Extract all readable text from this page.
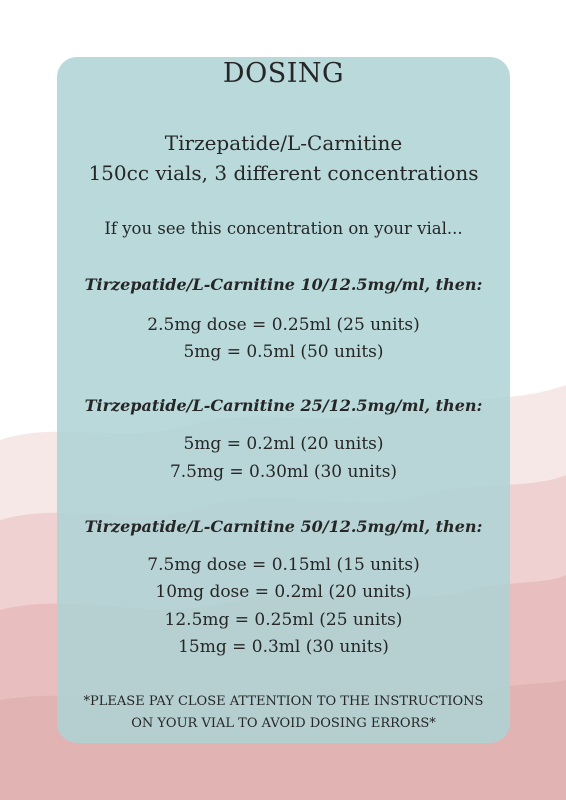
DOSING

Tirzepatide/L-Carnitine

150cc vials, 3 different concentrations

If you see this concentration on your vial...

Tirzepatide/L-Carnitine 10/12.5mg/ml, then:

2.5mg dose = 0.25ml (25 units)

5mg = 0.5ml (50 units)

Tirzepatide/L-Carnitine 25/12.5mg/ml, then:

5mg = 0.2ml (20 units)

7.5mg = 0.30ml (30 units)

Tirzepatide/L-Carnitine 50/12.5mg/ml, then:

7.5mg dose = 0.15ml (15 units)

10mg dose = 0.2ml (20 units)

12.5mg = 0.25ml (25 units)

15mg = 0.3ml (30 units)

*PLEASE PAY CLOSE ATTENTION TO THE INSTRUCTIONS

ON YOUR VIAL TO AVOID DOSING ERRORS*
